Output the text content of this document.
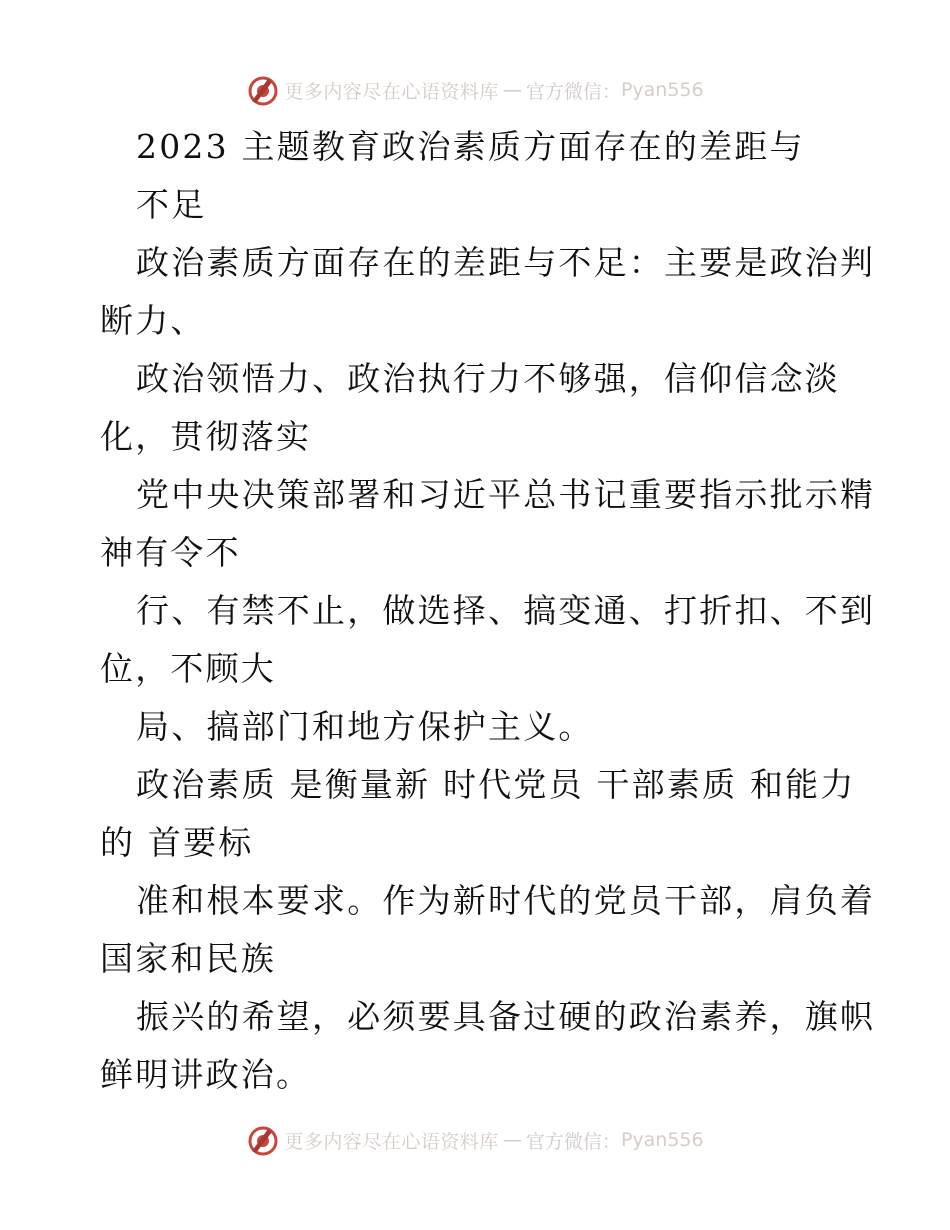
更多内容尽在心语资料库 — 官方微信： Pyan556
2023 主题教育政治素质方面存在的差距与
不足
政治素质方面存在的差距与不足：主要是政治判
断力、
政治领悟力、政治执行力不够强，信仰信念淡
化，贯彻落实
党中央决策部署和习近平总书记重要指示批示精
神有令不
行、有禁不止，做选择、搞变通、打折扣、不到
位，不顾大
局、搞部门和地方保护主义。
政治素质 是衡量新 时代党员 干部素质 和能力
的 首要标
准和根本要求。作为新时代的党员干部，肩负着
国家和民族
振兴的希望，必须要具备过硬的政治素养，旗帜
鲜明讲政治。
更多内容尽在心语资料库 — 官方微信： Pyan556
